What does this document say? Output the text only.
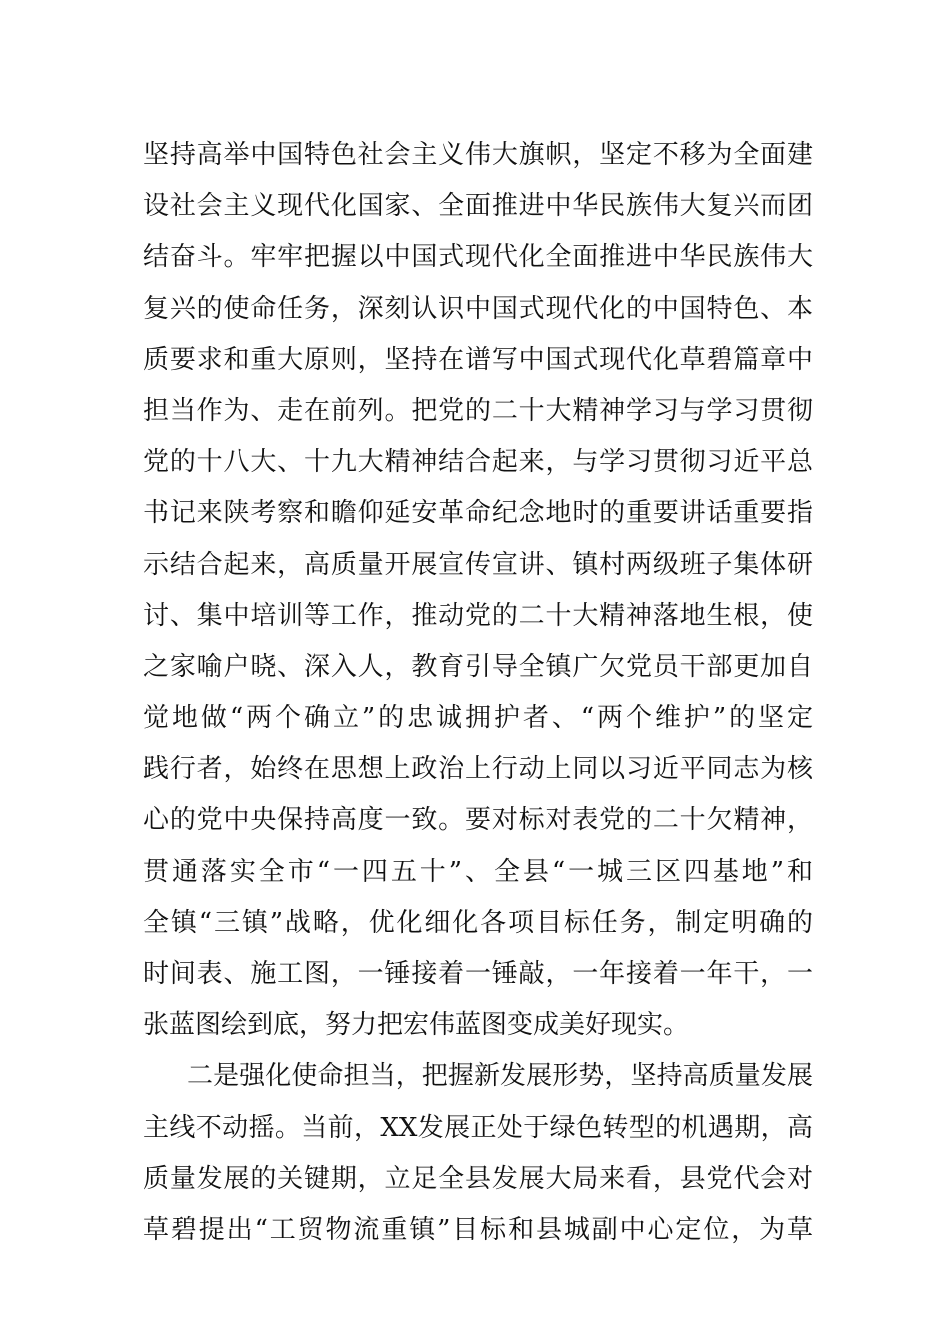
坚持高举中国特色社会主义伟大旗帜，坚定不移为全面建
设社会主义现代化国家、全面推进中华民族伟大复兴而团
结奋斗。牢牢把握以中国式现代化全面推进中华民族伟大
复兴的使命任务，深刻认识中国式现代化的中国特色、本
质要求和重大原则，坚持在谱写中国式现代化草碧篇章中
担当作为、走在前列。把党的二十大精神学习与学习贯彻
党的十八大、十九大精神结合起来，与学习贯彻习近平总
书记来陕考察和瞻仰延安革命纪念地时的重要讲话重要指
示结合起来，高质量开展宣传宣讲、镇村两级班子集体研
讨、集中培训等工作，推动党的二十大精神落地生根，使
之家喻户晓、深入人，教育引导全镇广欠党员干部更加自
觉地做“两个确立”的忠诚拥护者、“两个维护”的坚定
践行者，始终在思想上政治上行动上同以习近平同志为核
心的党中央保持高度一致。要对标对表党的二十欠精神，
贯通落实全市“一四五十”、全县“一城三区四基地”和
全镇“三镇”战略，优化细化各项目标任务，制定明确的
时间表、施工图，一锤接着一锤敲，一年接着一年干，一
张蓝图绘到底，努力把宏伟蓝图变成美好现实。
二是强化使命担当，把握新发展形势，坚持高质量发展
主线不动摇。当前，XX发展正处于绿色转型的机遇期，高
质量发展的关键期，立足全县发展大局来看，县党代会对
草碧提出“工贸物流重镇”目标和县城副中心定位，为草
